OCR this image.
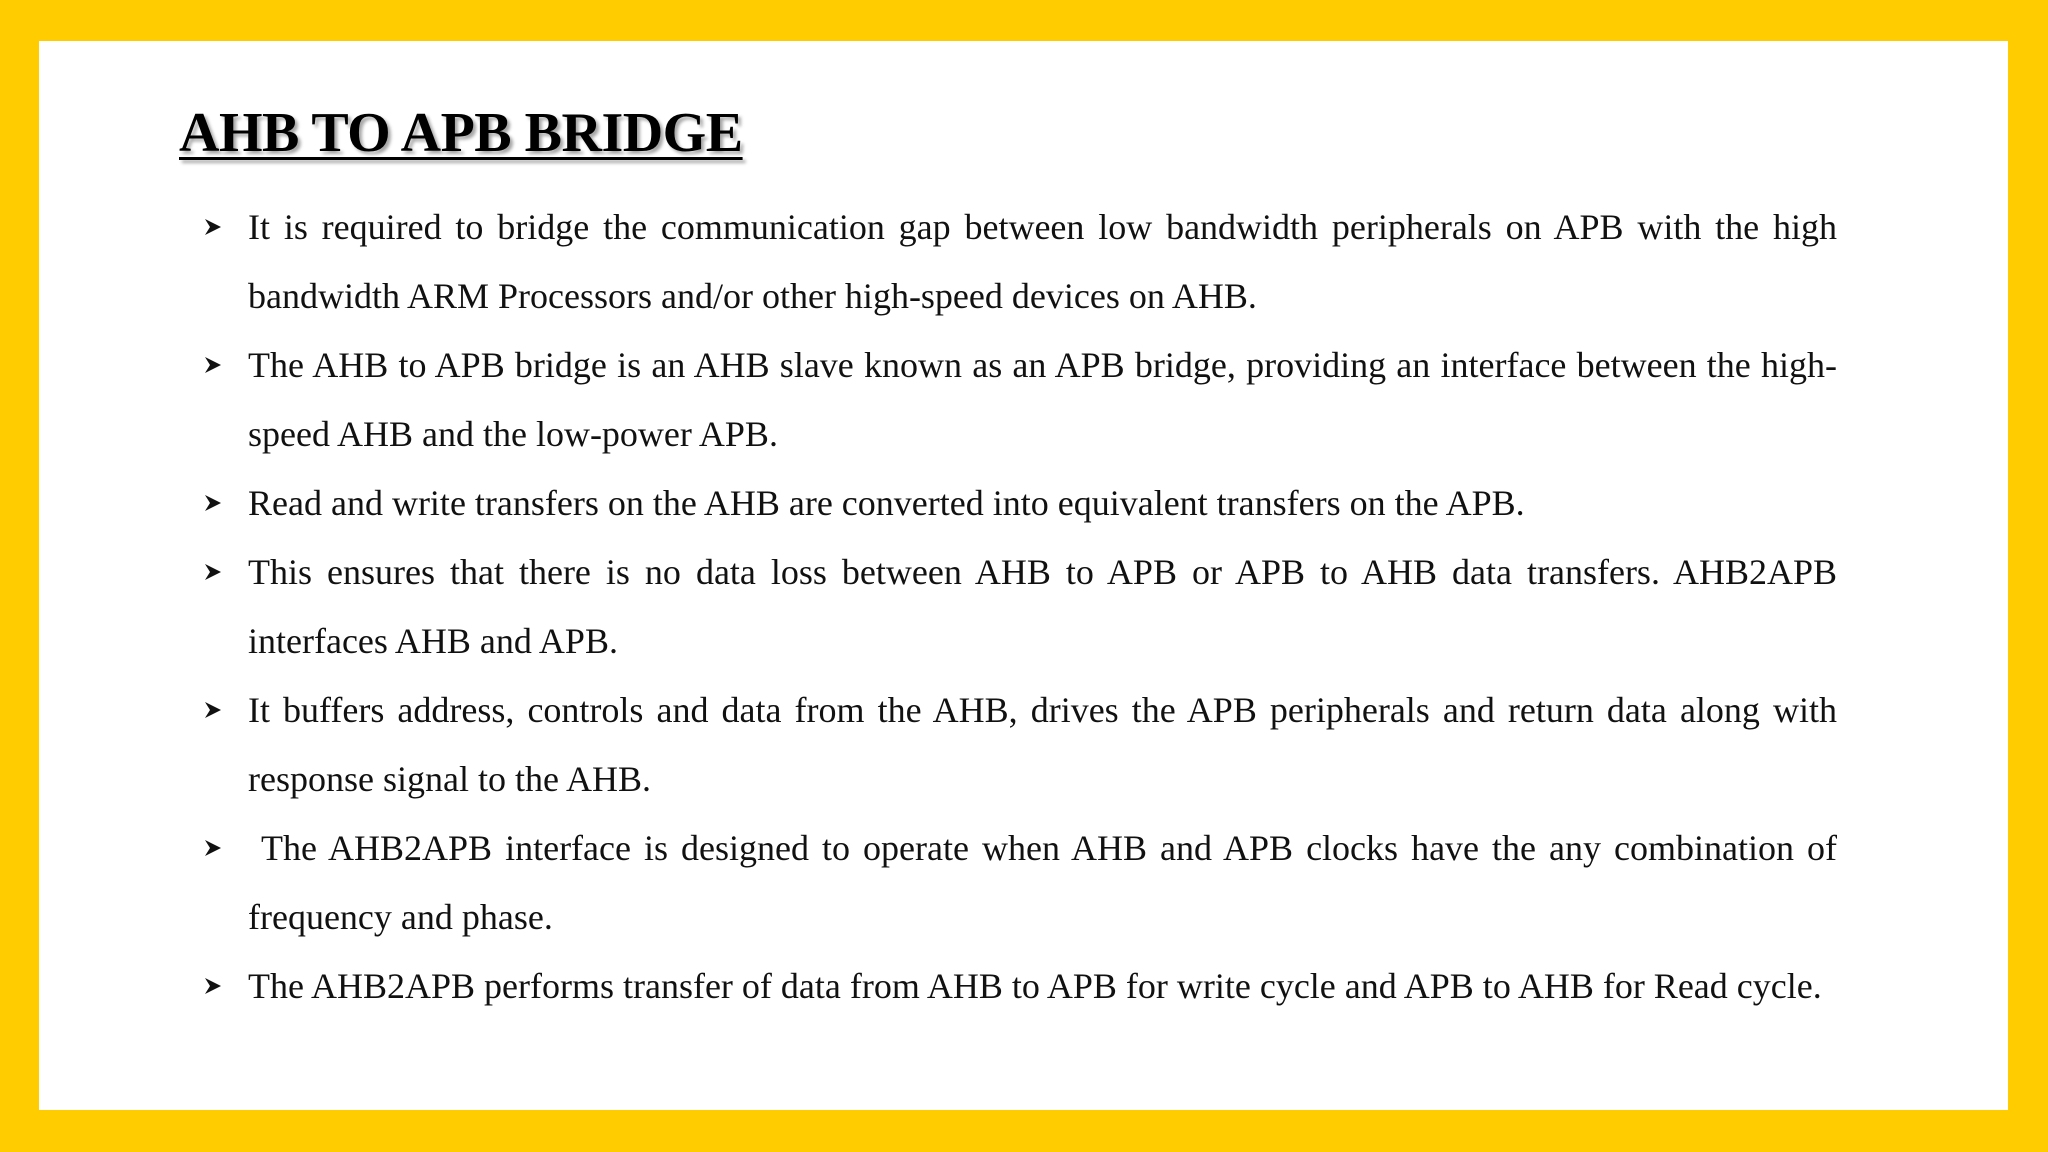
AHB TO APB BRIDGE
It is required to bridge the communication gap between low bandwidth peripherals on APB with the high bandwidth ARM Processors and/or other high-speed devices on AHB.
The AHB to APB bridge is an AHB slave known as an APB bridge, providing an interface between the high-speed AHB and the low-power APB.
Read and write transfers on the AHB are converted into equivalent transfers on the APB.
This ensures that there is no data loss between AHB to APB or APB to AHB data transfers. AHB2APB interfaces AHB and APB.
It buffers address, controls and data from the AHB, drives the APB peripherals and return data along with response signal to the AHB.
The AHB2APB interface is designed to operate when AHB and APB clocks have the any combination of frequency and phase.
The AHB2APB performs transfer of data from AHB to APB for write cycle and APB to AHB for Read cycle.
